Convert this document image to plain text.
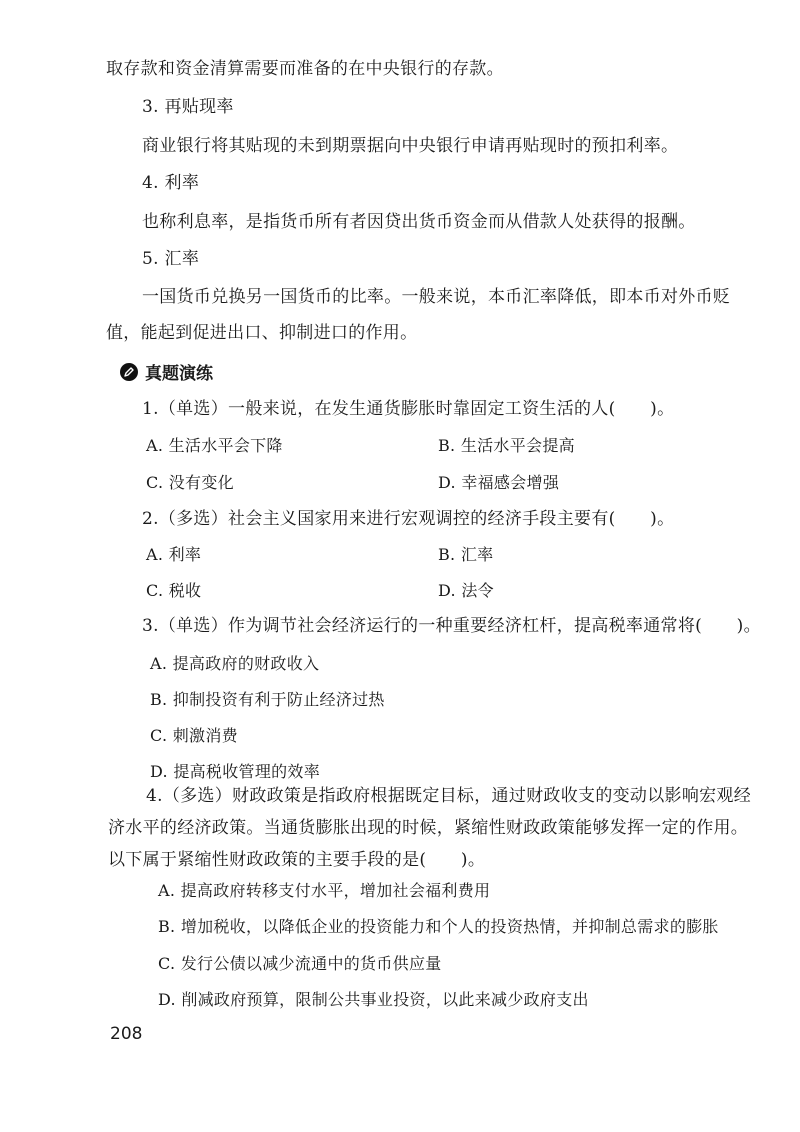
取存款和资金清算需要而准备的在中央银行的存款。
3. 再贴现率
商业银行将其贴现的未到期票据向中央银行申请再贴现时的预扣利率。
4. 利率
也称利息率，是指货币所有者因贷出货币资金而从借款人处获得的报酬。
5. 汇率
一国货币兑换另一国货币的比率。一般来说，本币汇率降低，即本币对外币贬
值，能起到促进出口、抑制进口的作用。
真题演练
1.（单选）一般来说，在发生通货膨胀时靠固定工资生活的人(　　)。
A. 生活水平会下降	B. 生活水平会提高
C. 没有变化	D. 幸福感会增强
2.（多选）社会主义国家用来进行宏观调控的经济手段主要有(　　)。
A. 利率	B. 汇率
C. 税收	D. 法令
3.（单选）作为调节社会经济运行的一种重要经济杠杆，提高税率通常将(　　)。
A. 提高政府的财政收入
B. 抑制投资有利于防止经济过热
C. 刺激消费
D. 提高税收管理的效率
4.（多选）财政政策是指政府根据既定目标，通过财政收支的变动以影响宏观经
济水平的经济政策。当通货膨胀出现的时候，紧缩性财政政策能够发挥一定的作用。
以下属于紧缩性财政政策的主要手段的是(　　)。
A. 提高政府转移支付水平，增加社会福利费用
B. 增加税收，以降低企业的投资能力和个人的投资热情，并抑制总需求的膨胀
C. 发行公债以减少流通中的货币供应量
208
D. 削减政府预算，限制公共事业投资，以此来减少政府支出
